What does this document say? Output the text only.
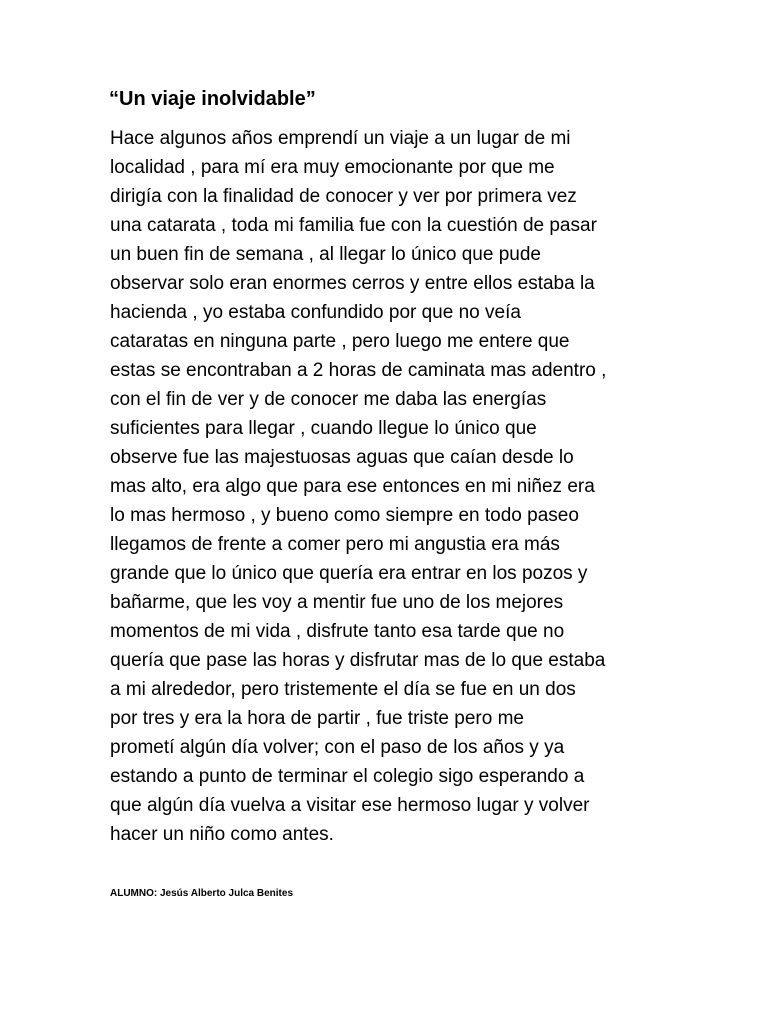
“Un viaje inolvidable”
Hace algunos años emprendí un viaje a un lugar de mi
localidad , para mí era muy emocionante por que me
dirigía con la finalidad de conocer y ver por primera vez
una catarata , toda mi familia fue con la cuestión de pasar
un buen fin de semana , al llegar lo único que pude
observar solo eran enormes cerros y entre ellos estaba la
hacienda , yo estaba confundido por que no veía
cataratas en ninguna parte , pero luego me entere que
estas se encontraban a 2 horas de caminata mas adentro ,
con el fin de ver y de conocer me daba las energías
suficientes para llegar , cuando llegue lo único que
observe fue las majestuosas aguas que caían desde lo
mas alto, era algo que para ese entonces en mi niñez era
lo mas hermoso , y bueno como siempre en todo paseo
llegamos de frente a comer pero mi angustia era más
grande que lo único que quería era entrar en los pozos y
bañarme, que les voy a mentir fue uno de los mejores
momentos de mi vida , disfrute tanto esa tarde que no
quería que pase las horas y disfrutar mas de lo que estaba
a mi alrededor, pero tristemente el día se fue en un dos
por tres y era la hora de partir , fue triste pero me
prometí algún día volver; con el paso de los años y ya
estando a punto de terminar el colegio sigo esperando a
que algún día vuelva a visitar ese hermoso lugar y volver
hacer un niño como antes.

ALUMNO: Jesús Alberto Julca Benites
